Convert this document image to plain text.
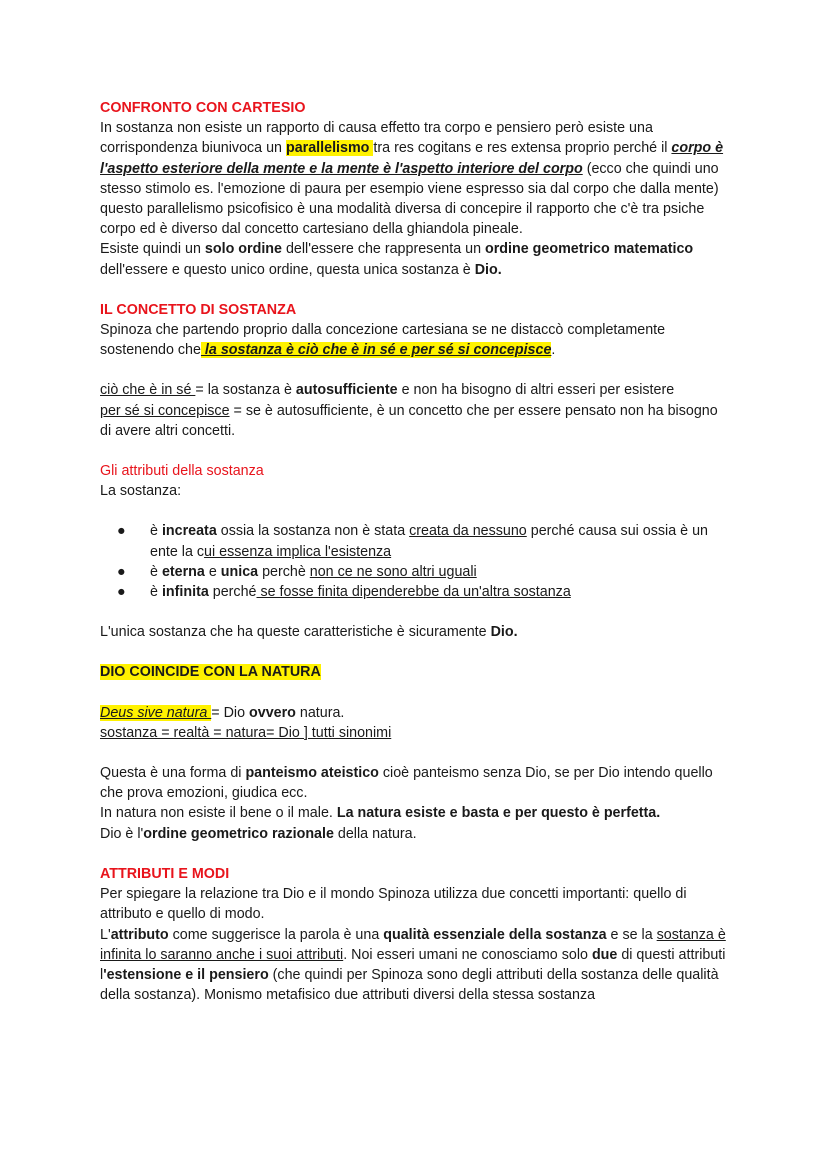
CONFRONTO CON CARTESIO

In sostanza non esiste un rapporto di causa effetto tra corpo e pensiero però esiste una corrispondenza biunivoca un parallelismo tra res cogitans e res extensa proprio perché il corpo è l'aspetto esteriore della mente e la mente è l'aspetto interiore del corpo (ecco che quindi uno stesso stimolo es. l'emozione di paura per esempio viene espresso sia dal corpo che dalla mente) questo parallelismo psicofisico è una modalità diversa di concepire il rapporto che c'è tra psiche corpo ed è diverso dal concetto cartesiano della ghiandola pineale.

Esiste quindi un solo ordine dell'essere che rappresenta un ordine geometrico matematico dell'essere e questo unico ordine, questa unica sostanza è Dio.

IL CONCETTO DI SOSTANZA

Spinoza che partendo proprio dalla concezione cartesiana se ne distaccò completamente sostenendo che la sostanza è ciò che è in sé e per sé si concepisce.

ciò che è in sé = la sostanza è autosufficiente e non ha bisogno di altri esseri per esistere

per sé si concepisce = se è autosufficiente, è un concetto che per essere pensato non ha bisogno di avere altri concetti.

Gli attributi della sostanza

La sostanza:

● è increata ossia la sostanza non è stata creata da nessuno perché causa sui ossia è un ente la cui essenza implica l'esistenza
● è eterna e unica perchè non ce ne sono altri uguali
● è infinita perché se fosse finita dipenderebbe da un'altra sostanza

L'unica sostanza che ha queste caratteristiche è sicuramente Dio.

DIO COINCIDE CON LA NATURA

Deus sive natura = Dio ovvero natura.

sostanza = realtà = natura= Dio ] tutti sinonimi

Questa è una forma di panteismo ateistico cioè panteismo senza Dio, se per Dio intendo quello che prova emozioni, giudica ecc.

In natura non esiste il bene o il male. La natura esiste e basta e per questo è perfetta.

Dio è l'ordine geometrico razionale della natura.

ATTRIBUTI E MODI

Per spiegare la relazione tra Dio e il mondo Spinoza utilizza due concetti importanti: quello di attributo e quello di modo.

L'attributo come suggerisce la parola è una qualità essenziale della sostanza e se la sostanza è infinita lo saranno anche i suoi attributi. Noi esseri umani ne conosciamo solo due di questi attributi l'estensione e il pensiero (che quindi per Spinoza sono degli attributi della sostanza delle qualità della sostanza). Monismo metafisico due attributi diversi della stessa sostanza
